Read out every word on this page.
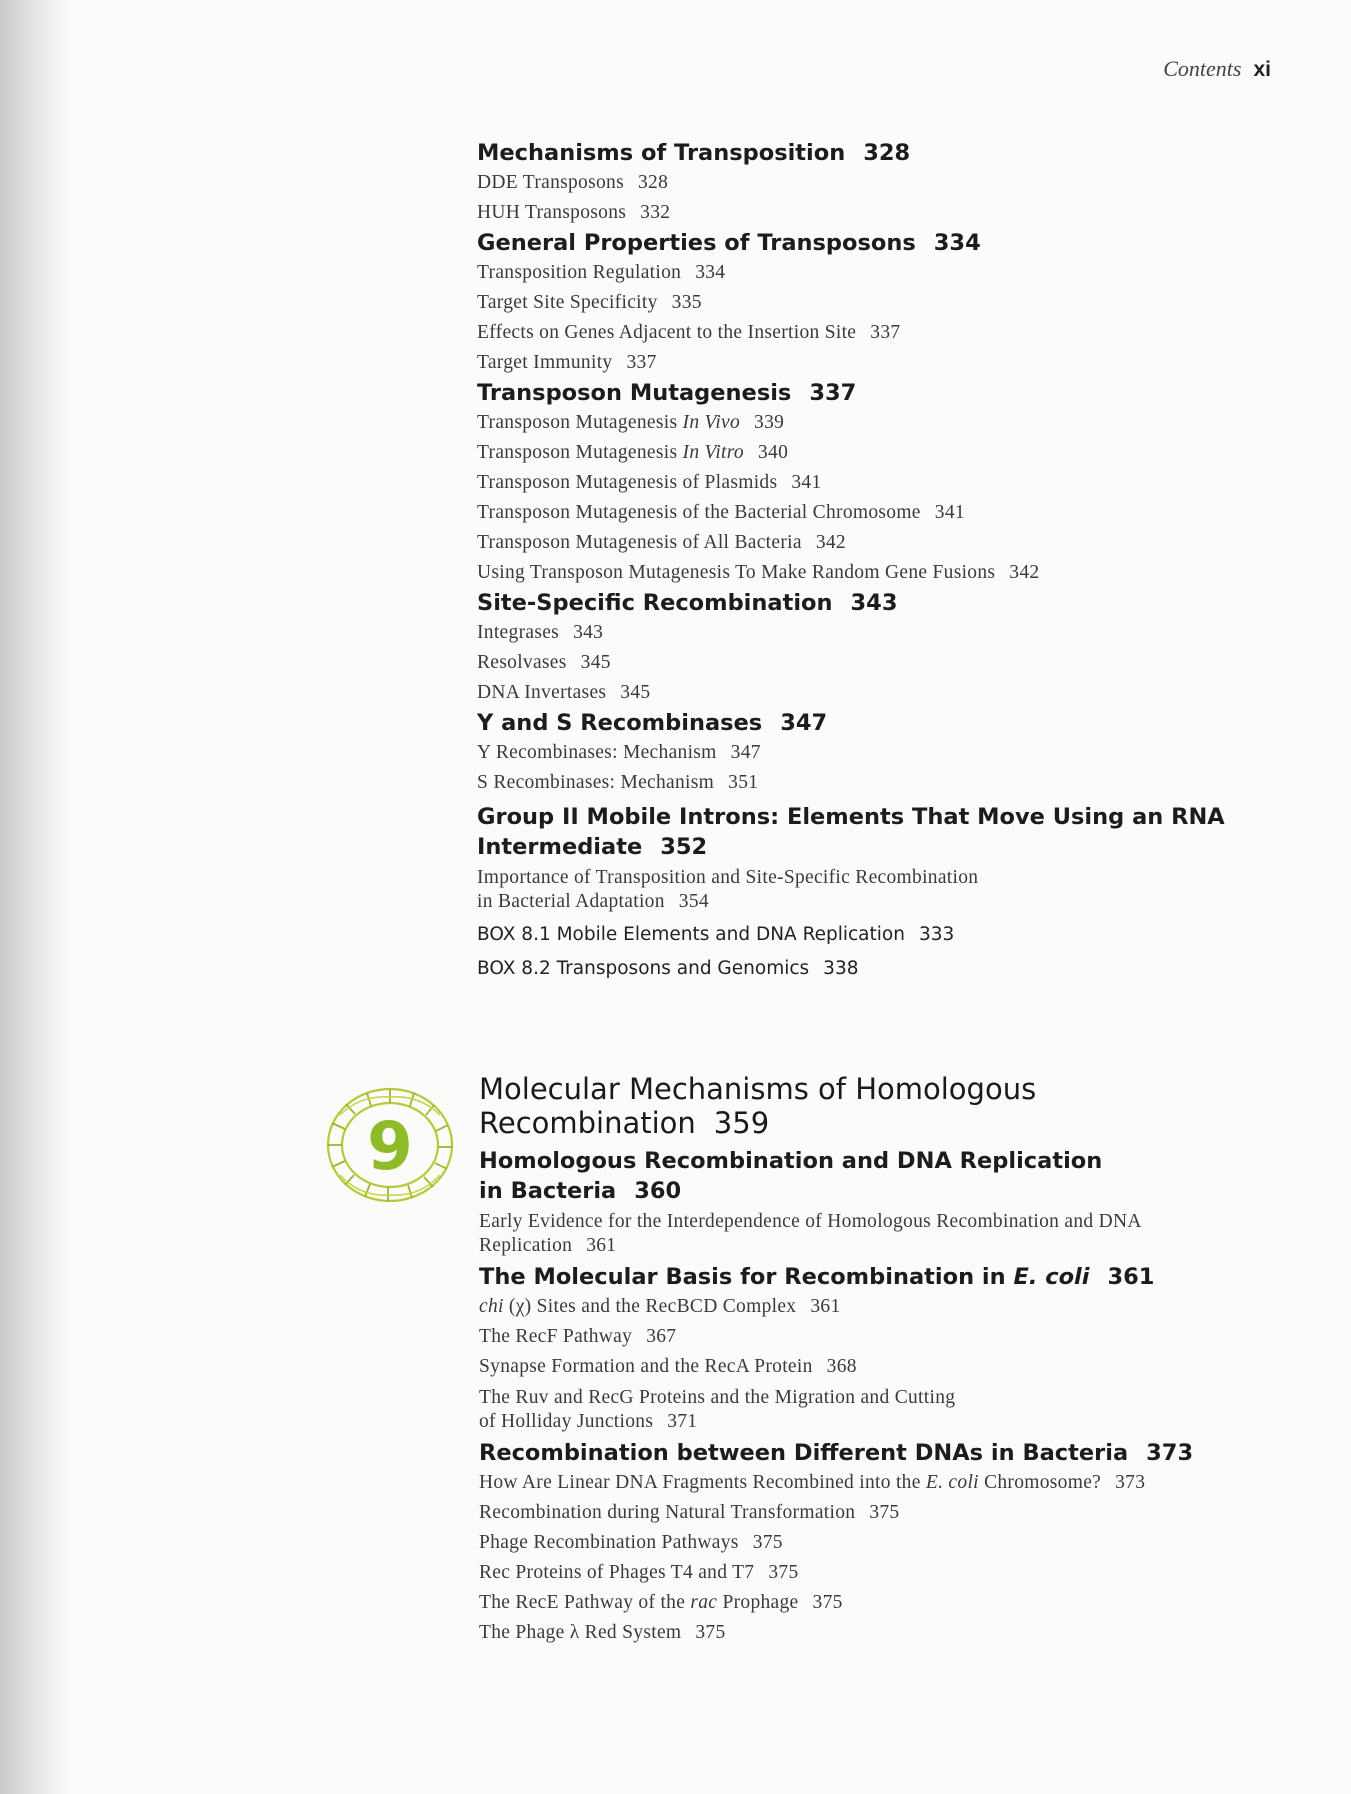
Contents xi

Mechanisms of Transposition 328

DDE Transposons 328

HUH Transposons 332

General Properties of Transposons 334

Transposition Regulation 334

Target Site Specificity 335

Effects on Genes Adjacent to the Insertion Site 337

Target Immunity 337

Transposon Mutagenesis 337

Transposon Mutagenesis In Vivo 339

Transposon Mutagenesis In Vitro 340

Transposon Mutagenesis of Plasmids 341

Transposon Mutagenesis of the Bacterial Chromosome 341

Transposon Mutagenesis of All Bacteria 342

Using Transposon Mutagenesis To Make Random Gene Fusions 342

Site-Specific Recombination 343

Integrases 343

Resolvases 345

DNA Invertases 345

Y and S Recombinases 347

Y Recombinases: Mechanism 347

S Recombinases: Mechanism 351

Group II Mobile Introns: Elements That Move Using an RNA
Intermediate 352

Importance of Transposition and Site-Specific Recombination
in Bacterial Adaptation 354

BOX 8.1 Mobile Elements and DNA Replication 333

BOX 8.2 Transposons and Genomics 338

9

Molecular Mechanisms of Homologous
Recombination 359

Homologous Recombination and DNA Replication
in Bacteria 360

Early Evidence for the Interdependence of Homologous Recombination and DNA
Replication 361

The Molecular Basis for Recombination in E. coli 361

chi (χ) Sites and the RecBCD Complex 361

The RecF Pathway 367

Synapse Formation and the RecA Protein 368

The Ruv and RecG Proteins and the Migration and Cutting
of Holliday Junctions 371

Recombination between Different DNAs in Bacteria 373

How Are Linear DNA Fragments Recombined into the E. coli Chromosome? 373

Recombination during Natural Transformation 375

Phage Recombination Pathways 375

Rec Proteins of Phages T4 and T7 375

The RecE Pathway of the rac Prophage 375

The Phage λ Red System 375
